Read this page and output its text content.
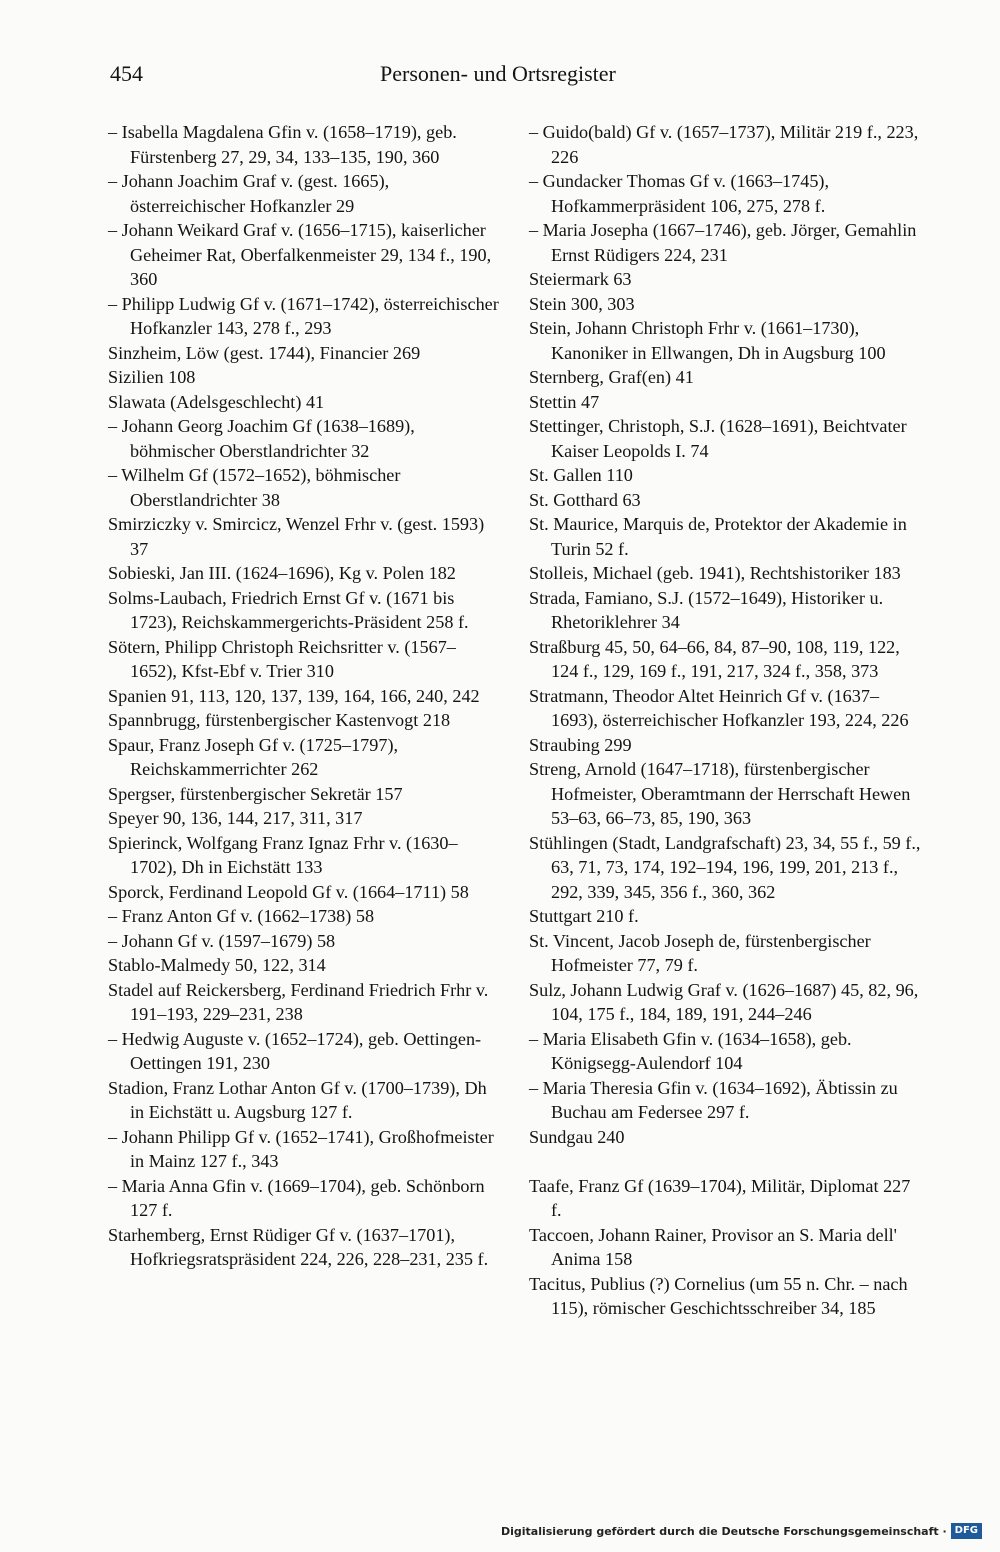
454	Personen- und Ortsregister
– Isabella Magdalena Gfin v. (1658–1719), geb. Fürstenberg 27, 29, 34, 133–135, 190, 360
– Johann Joachim Graf v. (gest. 1665), österreichischer Hofkanzler 29
– Johann Weikard Graf v. (1656–1715), kaiserlicher Geheimer Rat, Oberfalkenmeister 29, 134 f., 190, 360
– Philipp Ludwig Gf v. (1671–1742), österreichischer Hofkanzler 143, 278 f., 293
Sinzheim, Löw (gest. 1744), Financier 269
Sizilien 108
Slawata (Adelsgeschlecht) 41
– Johann Georg Joachim Gf (1638–1689), böhmischer Oberstlandrichter 32
– Wilhelm Gf (1572–1652), böhmischer Oberstlandrichter 38
Smirziczky v. Smircicz, Wenzel Frhr v. (gest. 1593) 37
Sobieski, Jan III. (1624–1696), Kg v. Polen 182
Solms-Laubach, Friedrich Ernst Gf v. (1671 bis 1723), Reichskammergerichts-Präsident 258 f.
Sötern, Philipp Christoph Reichsritter v. (1567–1652), Kfst-Ebf v. Trier 310
Spanien 91, 113, 120, 137, 139, 164, 166, 240, 242
Spannbrugg, fürstenbergischer Kastenvogt 218
Spaur, Franz Joseph Gf v. (1725–1797), Reichskammerrichter 262
Spergser, fürstenbergischer Sekretär 157
Speyer 90, 136, 144, 217, 311, 317
Spierinck, Wolfgang Franz Ignaz Frhr v. (1630–1702), Dh in Eichstätt 133
Sporck, Ferdinand Leopold Gf v. (1664–1711) 58
– Franz Anton Gf v. (1662–1738) 58
– Johann Gf v. (1597–1679) 58
Stablo-Malmedy 50, 122, 314
Stadel auf Reickersberg, Ferdinand Friedrich Frhr v. 191–193, 229–231, 238
– Hedwig Auguste v. (1652–1724), geb. Oettingen-Oettingen 191, 230
Stadion, Franz Lothar Anton Gf v. (1700–1739), Dh in Eichstätt u. Augsburg 127 f.
– Johann Philipp Gf v. (1652–1741), Großhofmeister in Mainz 127 f., 343
– Maria Anna Gfin v. (1669–1704), geb. Schönborn 127 f.
Starhemberg, Ernst Rüdiger Gf v. (1637–1701), Hofkriegsratspräsident 224, 226, 228–231, 235 f.
– Guido(bald) Gf v. (1657–1737), Militär 219 f., 223, 226
– Gundacker Thomas Gf v. (1663–1745), Hofkammerpräsident 106, 275, 278 f.
– Maria Josepha (1667–1746), geb. Jörger, Gemahlin Ernst Rüdigers 224, 231
Steiermark 63
Stein 300, 303
Stein, Johann Christoph Frhr v. (1661–1730), Kanoniker in Ellwangen, Dh in Augsburg 100
Sternberg, Graf(en) 41
Stettin 47
Stettinger, Christoph, S.J. (1628–1691), Beichtvater Kaiser Leopolds I. 74
St. Gallen 110
St. Gotthard 63
St. Maurice, Marquis de, Protektor der Akademie in Turin 52 f.
Stolleis, Michael (geb. 1941), Rechtshistoriker 183
Strada, Famiano, S.J. (1572–1649), Historiker u. Rhetoriklehrer 34
Straßburg 45, 50, 64–66, 84, 87–90, 108, 119, 122, 124 f., 129, 169 f., 191, 217, 324 f., 358, 373
Stratmann, Theodor Altet Heinrich Gf v. (1637–1693), österreichischer Hofkanzler 193, 224, 226
Straubing 299
Streng, Arnold (1647–1718), fürstenbergischer Hofmeister, Oberamtmann der Herrschaft Hewen 53–63, 66–73, 85, 190, 363
Stühlingen (Stadt, Landgrafschaft) 23, 34, 55 f., 59 f., 63, 71, 73, 174, 192–194, 196, 199, 201, 213 f., 292, 339, 345, 356 f., 360, 362
Stuttgart 210 f.
St. Vincent, Jacob Joseph de, fürstenbergischer Hofmeister 77, 79 f.
Sulz, Johann Ludwig Graf v. (1626–1687) 45, 82, 96, 104, 175 f., 184, 189, 191, 244–246
– Maria Elisabeth Gfin v. (1634–1658), geb. Königsegg-Aulendorf 104
– Maria Theresia Gfin v. (1634–1692), Äbtissin zu Buchau am Federsee 297 f.
Sundgau 240
Taafe, Franz Gf (1639–1704), Militär, Diplomat 227 f.
Taccoen, Johann Rainer, Provisor an S. Maria dell' Anima 158
Tacitus, Publius (?) Cornelius (um 55 n. Chr. – nach 115), römischer Geschichtsschreiber 34, 185
Digitalisierung gefördert durch die Deutsche Forschungsgemeinschaft · DFG
